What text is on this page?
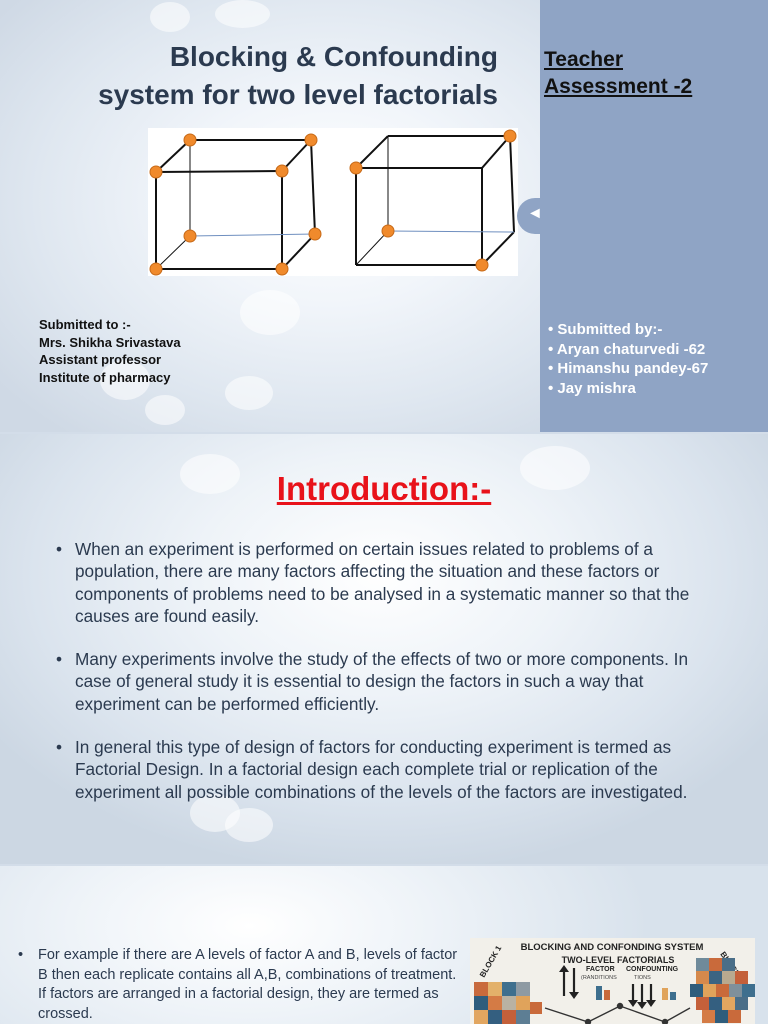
Blocking & Confounding
system for two level factorials
Submitted to :-
Mrs. Shikha Srivastava
Assistant professor
Institute of pharmacy
Teacher
Assessment -2
• Submitted by:-
• Aryan chaturvedi -62
• Himanshu pandey-67
• Jay mishra
◄
Introduction:-
• When an experiment is performed on certain issues related to problems of a population, there are many factors affecting the situation and these factors or components of problems need to be analysed in a systematic manner so that the causes are found easily.
• Many experiments involve the study of the effects of two or more components. In case of general study it is essential to design the factors in such a way that experiment can be performed efficiently.
• In general this type of design of factors for conducting experiment is termed as Factorial Design. In a factorial design each complete trial or replication of the experiment all possible combinations of the levels of the factors are investigated.
• For example if there are A levels of factor A and B, levels of factor B then each replicate contains all A,B, combinations of treatment. If factors are arranged in a factorial design, they are termed as crossed.
BLOCKING AND CONFONDING SYSTEM
TWO-LEVEL FACTORIALS
BLOCK 1	FACTOR
(RANDITIONS
CONFOUNTING
TIONS
